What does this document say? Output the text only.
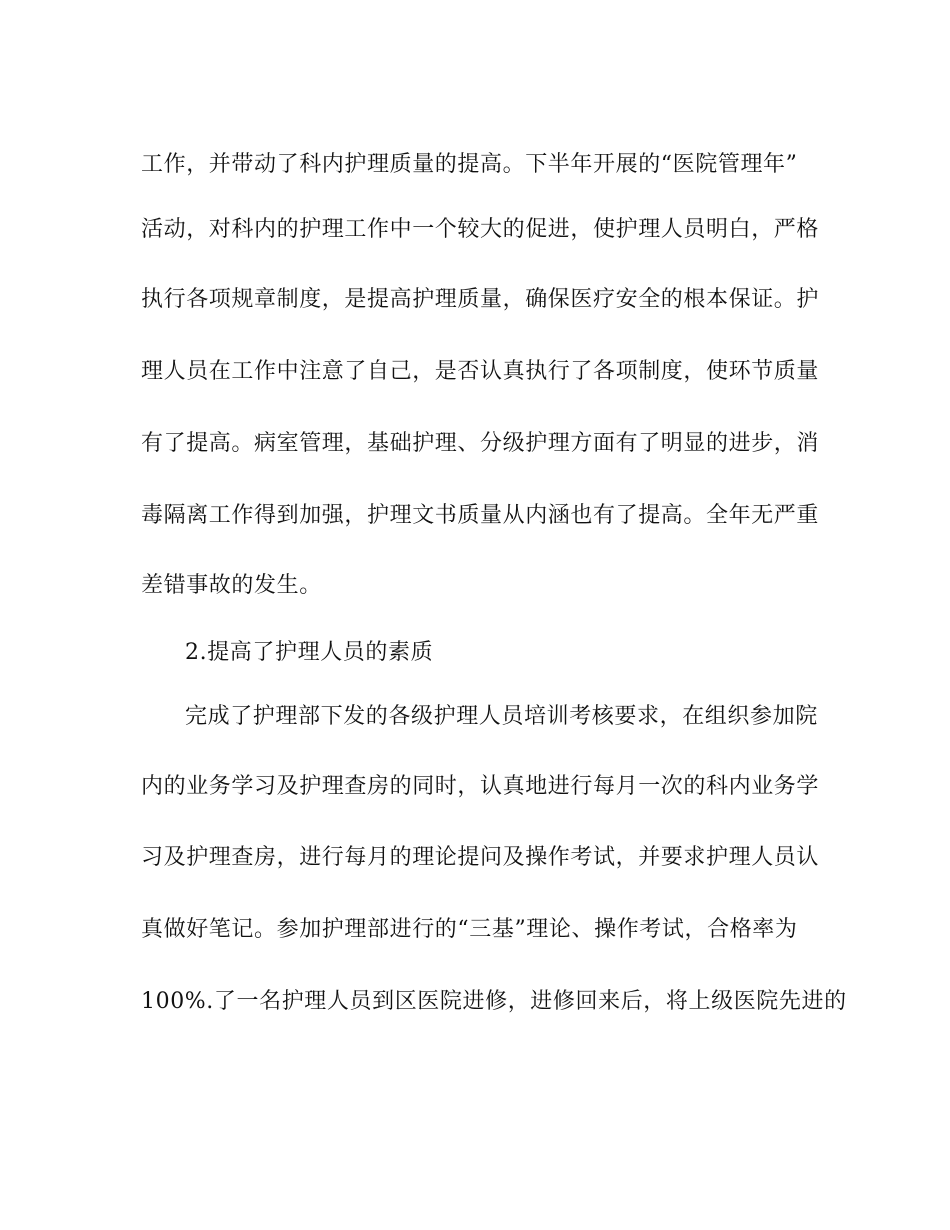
工作，并带动了科内护理质量的提高。下半年开展的“医院管理年”
活动，对科内的护理工作中一个较大的促进，使护理人员明白，严格
执行各项规章制度，是提高护理质量，确保医疗安全的根本保证。护
理人员在工作中注意了自己，是否认真执行了各项制度，使环节质量
有了提高。病室管理，基础护理、分级护理方面有了明显的进步，消
毒隔离工作得到加强，护理文书质量从内涵也有了提高。全年无严重
差错事故的发生。
2.提高了护理人员的素质
完成了护理部下发的各级护理人员培训考核要求，在组织参加院
内的业务学习及护理查房的同时，认真地进行每月一次的科内业务学
习及护理查房，进行每月的理论提问及操作考试，并要求护理人员认
真做好笔记。参加护理部进行的“三基”理论、操作考试，合格率为
100%.了一名护理人员到区医院进修，进修回来后，将上级医院先进的
